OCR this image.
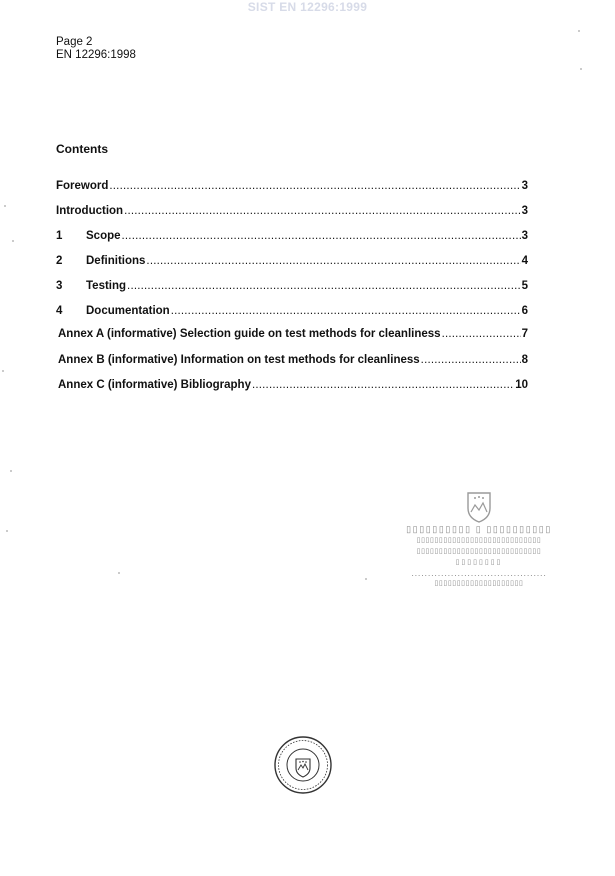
SIST EN 12296:1999
Page 2
EN 12296:1998
Contents
Foreword .....	3
Introduction .....	3
1	Scope .....	3
2	Definitions .....	4
3	Testing .....	5
4	Documentation .....	6
Annex A (informative) Selection guide on test methods for cleanliness .....	7
Annex B (informative) Information on test methods for cleanliness .....	8
Annex C (informative) Bibliography .....	10
▯▯▯▯▯▯▯▯▯▯ ▯ ▯▯▯▯▯▯▯▯▯▯
▯▯▯▯▯▯▯▯▯▯▯▯▯▯▯▯▯▯▯▯▯▯▯▯▯▯▯▯
▯▯▯▯▯▯▯▯▯▯▯▯▯▯▯▯▯▯▯▯▯▯▯▯▯▯▯▯
▯▯▯▯▯▯▯▯
.........................................
▯▯▯▯▯▯▯▯▯▯▯▯▯▯▯▯▯▯▯▯
